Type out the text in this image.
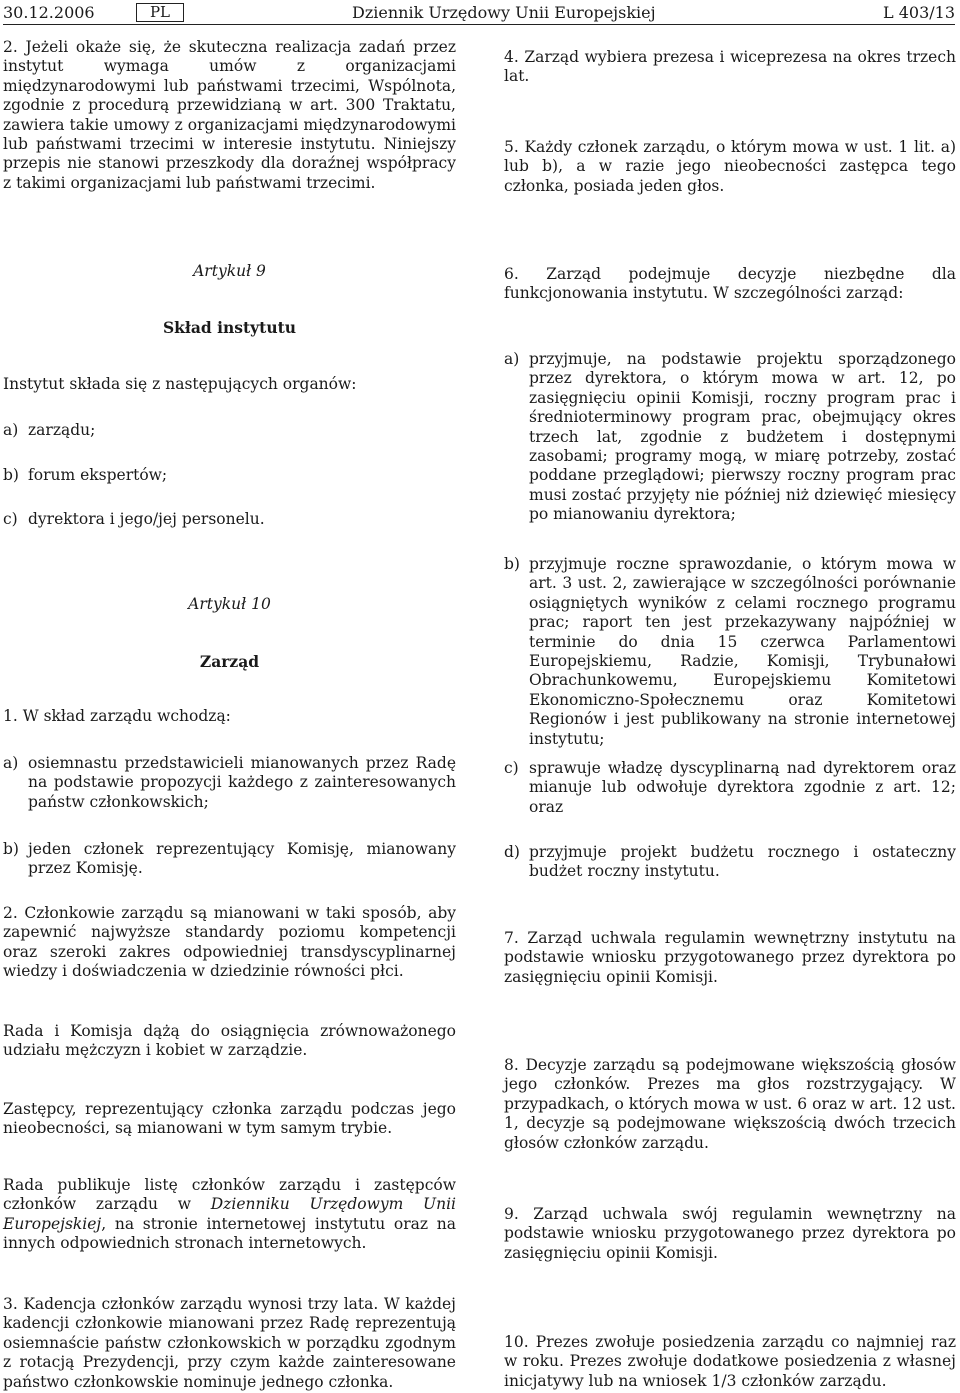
30.12.2006	PL	Dziennik Urzędowy Unii Europejskiej	L 403/13
2. Jeżeli okaże się, że skuteczna realizacja zadań przez instytut wymaga umów z organizacjami międzynarodowymi lub państwami trzecimi, Wspólnota, zgodnie z procedurą przewidzianą w art. 300 Traktatu, zawiera takie umowy z organizacjami międzynarodowymi lub państwami trzecimi w interesie instytutu. Niniejszy przepis nie stanowi przeszkody dla doraźnej współpracy z takimi organizacjami lub państwami trzecimi.
Artykuł 9
Skład instytutu
Instytut składa się z następujących organów:
a) zarządu;
b) forum ekspertów;
c) dyrektora i jego/jej personelu.
Artykuł 10
Zarząd
1. W skład zarządu wchodzą:
a) osiemnastu przedstawicieli mianowanych przez Radę na podstawie propozycji każdego z zainteresowanych państw członkowskich;
b) jeden członek reprezentujący Komisję, mianowany przez Komisję.
2. Członkowie zarządu są mianowani w taki sposób, aby zapewnić najwyższe standardy poziomu kompetencji oraz szeroki zakres odpowiedniej transdyscyplinarnej wiedzy i doświadczenia w dziedzinie równości płci.
Rada i Komisja dążą do osiągnięcia zrównoważonego udziału mężczyzn i kobiet w zarządzie.
Zastępcy, reprezentujący członka zarządu podczas jego nieobecności, są mianowani w tym samym trybie.
Rada publikuje listę członków zarządu i zastępców członków zarządu w Dzienniku Urzędowym Unii Europejskiej, na stronie internetowej instytutu oraz na innych odpowiednich stronach internetowych.
3. Kadencja członków zarządu wynosi trzy lata. W każdej kadencji członkowie mianowani przez Radę reprezentują osiemnaście państw członkowskich w porządku zgodnym z rotacją Prezydencji, przy czym każde zainteresowane państwo członkowskie nominuje jednego członka.
4. Zarząd wybiera prezesa i wiceprezesa na okres trzech lat.
5. Każdy członek zarządu, o którym mowa w ust. 1 lit. a) lub b), a w razie jego nieobecności zastępca tego członka, posiada jeden głos.
6. Zarząd podejmuje decyzje niezbędne dla funkcjonowania instytutu. W szczególności zarząd:
a) przyjmuje, na podstawie projektu sporządzonego przez dyrektora, o którym mowa w art. 12, po zasięgnięciu opinii Komisji, roczny program prac i średnioterminowy program prac, obejmujący okres trzech lat, zgodnie z budżetem i dostępnymi zasobami; programy mogą, w miarę potrzeby, zostać poddane przeglądowi; pierwszy roczny program prac musi zostać przyjęty nie później niż dziewięć miesięcy po mianowaniu dyrektora;
b) przyjmuje roczne sprawozdanie, o którym mowa w art. 3 ust. 2, zawierające w szczególności porównanie osiągniętych wyników z celami rocznego programu prac; raport ten jest przekazywany najpóźniej w terminie do dnia 15 czerwca Parlamentowi Europejskiemu, Radzie, Komisji, Trybunałowi Obrachunkowemu, Europejskiemu Komitetowi Ekonomiczno-Społecznemu oraz Komitetowi Regionów i jest publikowany na stronie internetowej instytutu;
c) sprawuje władzę dyscyplinarną nad dyrektorem oraz mianuje lub odwołuje dyrektora zgodnie z art. 12; oraz
d) przyjmuje projekt budżetu rocznego i ostateczny budżet roczny instytutu.
7. Zarząd uchwala regulamin wewnętrzny instytutu na podstawie wniosku przygotowanego przez dyrektora po zasięgnięciu opinii Komisji.
8. Decyzje zarządu są podejmowane większością głosów jego członków. Prezes ma głos rozstrzygający. W przypadkach, o których mowa w ust. 6 oraz w art. 12 ust. 1, decyzje są podejmowane większością dwóch trzecich głosów członków zarządu.
9. Zarząd uchwala swój regulamin wewnętrzny na podstawie wniosku przygotowanego przez dyrektora po zasięgnięciu opinii Komisji.
10. Prezes zwołuje posiedzenia zarządu co najmniej raz w roku. Prezes zwołuje dodatkowe posiedzenia z własnej inicjatywy lub na wniosek 1/3 członków zarządu.
